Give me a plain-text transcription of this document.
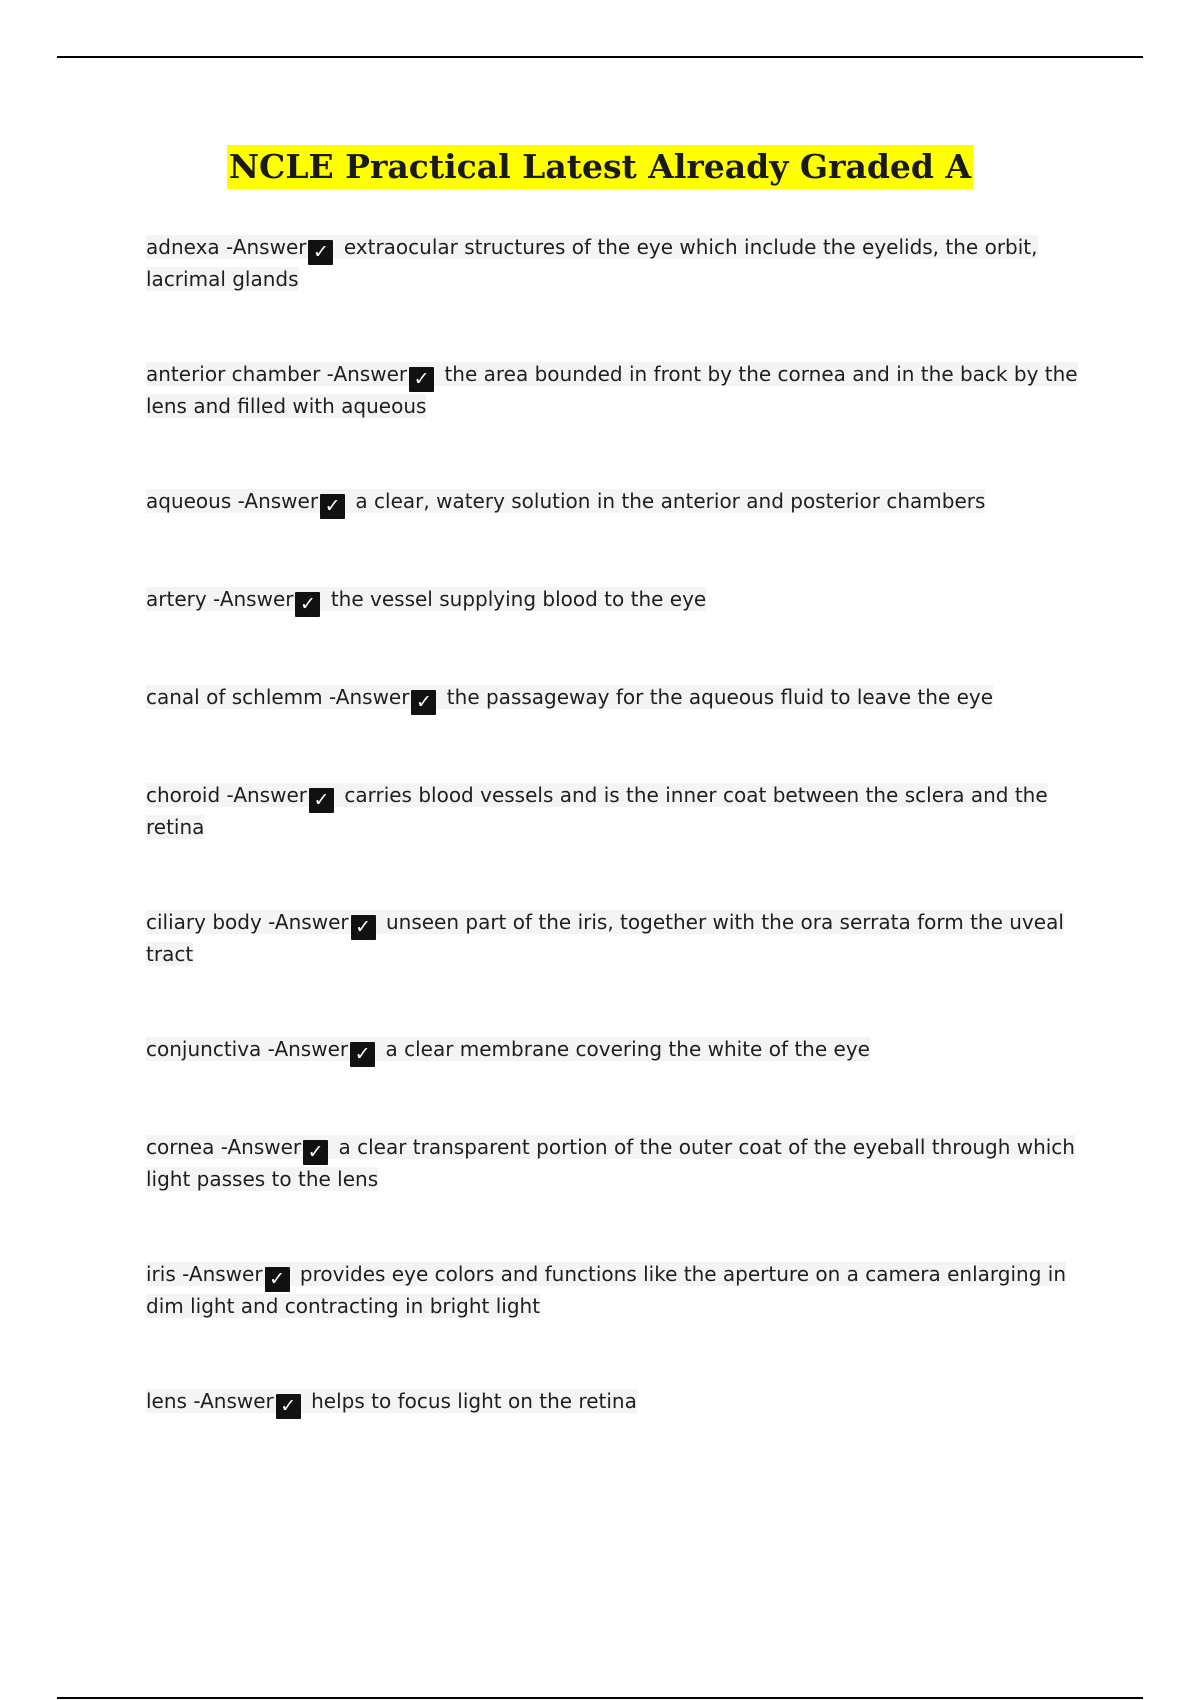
NCLE Practical Latest Already Graded A
adnexa -Answer ✓ extraocular structures of the eye which include the eyelids, the orbit, lacrimal glands
anterior chamber -Answer ✓ the area bounded in front by the cornea and in the back by the lens and filled with aqueous
aqueous -Answer ✓ a clear, watery solution in the anterior and posterior chambers
artery -Answer ✓ the vessel supplying blood to the eye
canal of schlemm -Answer ✓ the passageway for the aqueous fluid to leave the eye
choroid -Answer ✓ carries blood vessels and is the inner coat between the sclera and the retina
ciliary body -Answer ✓ unseen part of the iris, together with the ora serrata form the uveal tract
conjunctiva -Answer ✓ a clear membrane covering the white of the eye
cornea -Answer ✓ a clear transparent portion of the outer coat of the eyeball through which light passes to the lens
iris -Answer ✓ provides eye colors and functions like the aperture on a camera enlarging in dim light and contracting in bright light
lens -Answer ✓ helps to focus light on the retina
